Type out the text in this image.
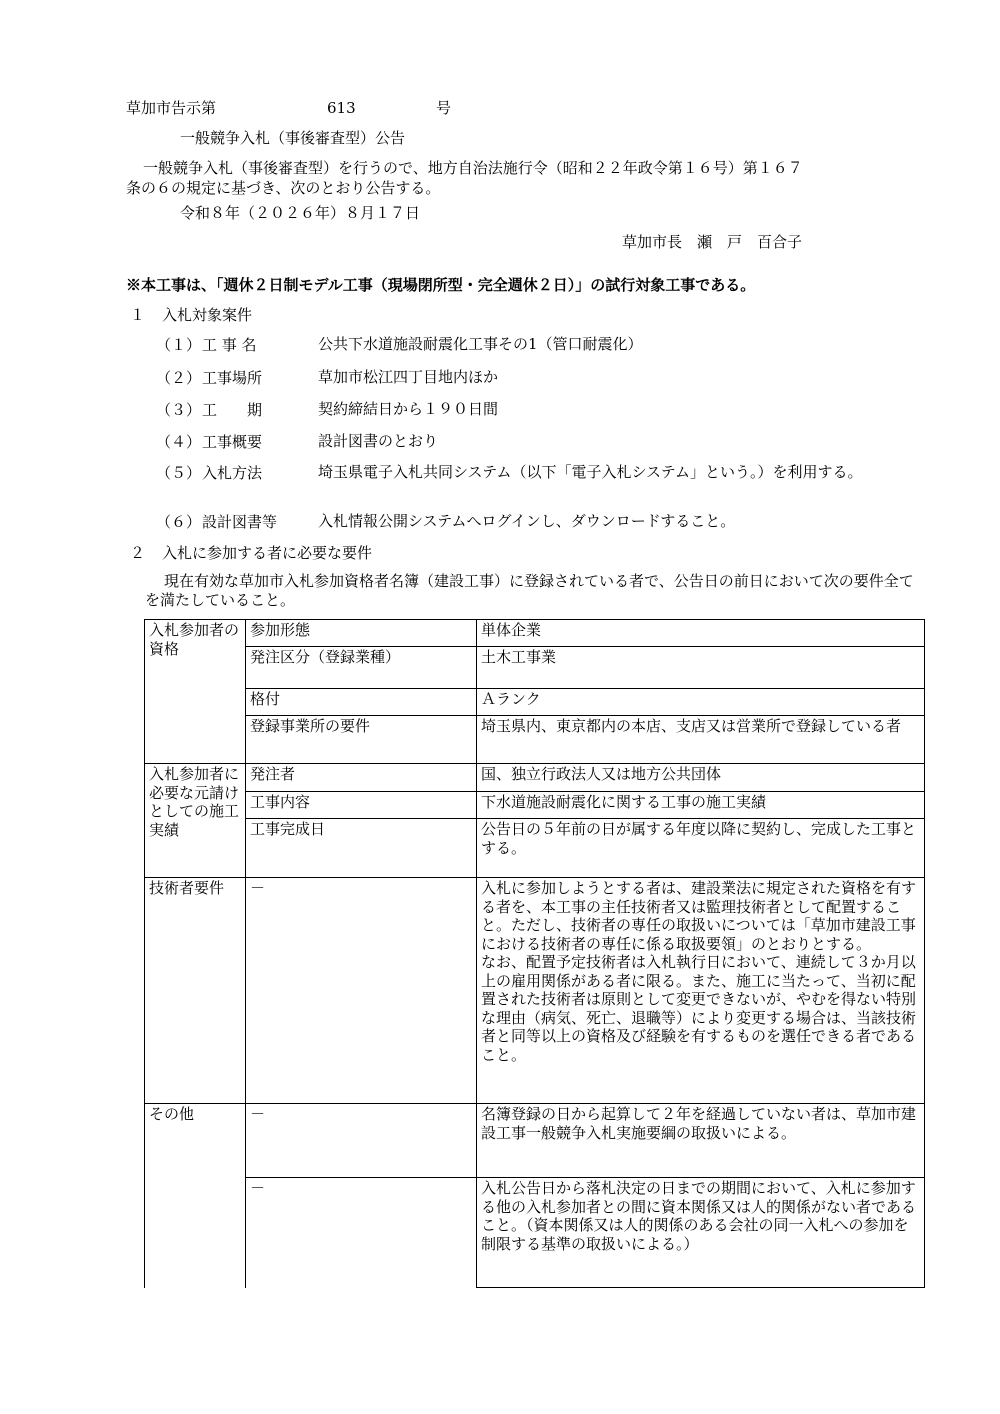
草加市告示第	613	号
一般競争入札（事後審査型）公告
一般競争入札（事後審査型）を行うので、地方自治法施行令（昭和２２年政令第１６号）第１６７
条の６の規定に基づき、次のとおり公告する。
令和８年（２０２６年）８月１７日
草加市長　瀬　戸　百合子
※本工事は、「週休２日制モデル工事（現場閉所型・完全週休２日）」の試行対象工事である。
１ 入札対象案件
（１） 工 事 名	公共下水道施設耐震化工事その1（管口耐震化）
（２） 工事場所	草加市松江四丁目地内ほか
（３） 工　　期	契約締結日から１９０日間
（４） 工事概要	設計図書のとおり
（５） 入札方法	埼玉県電子入札共同システム（以下「電子入札システム」という。）を利用する。
（６） 設計図書等	入札情報公開システムへログインし、ダウンロードすること。
２ 入札に参加する者に必要な要件
現在有効な草加市入札参加資格者名簿（建設工事）に登録されている者で、公告日の前日において次の要件全てを満たしていること。
入札参加者の資格	参加形態	単体企業
	発注区分（登録業種）	土木工事業
	格付	Ａランク
	登録事業所の要件	埼玉県内、東京都内の本店、支店又は営業所で登録している者
入札参加者に必要な元請けとしての施工実績	発注者	国、独立行政法人又は地方公共団体
	工事内容	下水道施設耐震化に関する工事の施工実績
	工事完成日	公告日の５年前の日が属する年度以降に契約し、完成した工事とする。
技術者要件	－	入札に参加しようとする者は、建設業法に規定された資格を有する者を、本工事の主任技術者又は監理技術者として配置すること。ただし、技術者の専任の取扱いについては「草加市建設工事における技術者の専任に係る取扱要領」のとおりとする。
なお、配置予定技術者は入札執行日において、連続して３か月以上の雇用関係がある者に限る。また、施工に当たって、当初に配置された技術者は原則として変更できないが、やむを得ない特別な理由（病気、死亡、退職等）により変更する場合は、当該技術者と同等以上の資格及び経験を有するものを選任できる者であること。

その他	－	名簿登録の日から起算して２年を経過していない者は、草加市建設工事一般競争入札実施要綱の取扱いによる。
	－	入札公告日から落札決定の日までの期間において、入札に参加する他の入札参加者との間に資本関係又は人的関係がない者であること。（資本関係又は人的関係のある会社の同一入札への参加を制限する基準の取扱いによる。）
